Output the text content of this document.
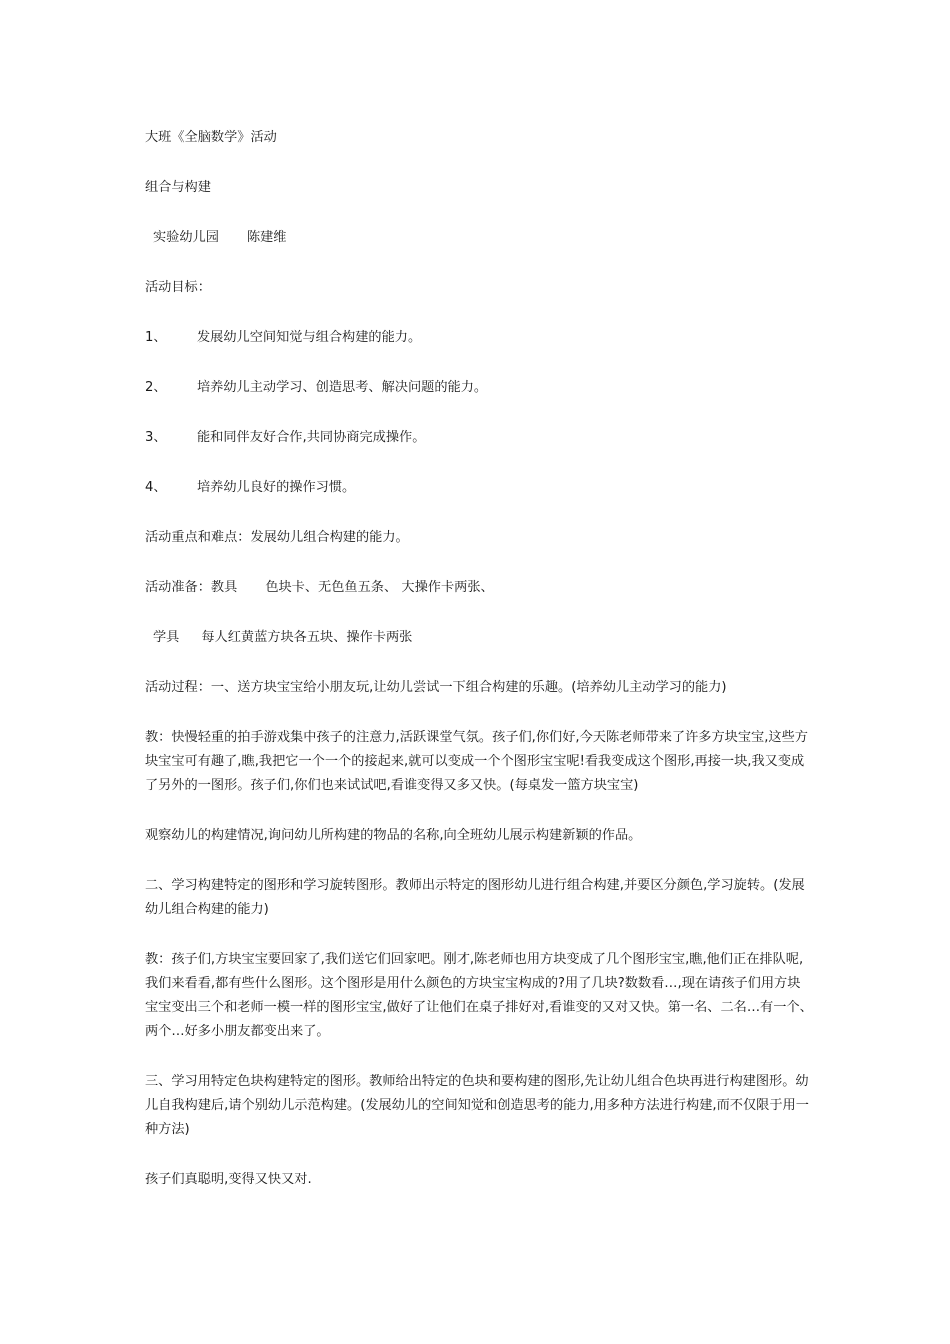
大班《全脑数学》活动

组合与构建

实验幼儿园 陈建维

活动目标：

1、	发展幼儿空间知觉与组合构建的能力。

2、	培养幼儿主动学习、创造思考、解决问题的能力。

3、	能和同伴友好合作,共同协商完成操作。

4、	培养幼儿良好的操作习惯。

活动重点和难点：发展幼儿组合构建的能力。

活动准备：教具 色块卡、无色鱼五条、 大操作卡两张、

学具 每人红黄蓝方块各五块、操作卡两张

活动过程：一、送方块宝宝给小朋友玩,让幼儿尝试一下组合构建的乐趣。(培养幼儿主动学习的能力)

教：快慢轻重的拍手游戏集中孩子的注意力,活跃课堂气氛。孩子们,你们好,今天陈老师带来了许多方块宝宝,这些方块宝宝可有趣了,瞧,我把它一个一个的接起来,就可以变成一个个图形宝宝呢!看我变成这个图形,再接一块,我又变成了另外的一图形。孩子们,你们也来试试吧,看谁变得又多又快。(每桌发一篮方块宝宝)

观察幼儿的构建情况,询问幼儿所构建的物品的名称,向全班幼儿展示构建新颖的作品。

二、学习构建特定的图形和学习旋转图形。教师出示特定的图形幼儿进行组合构建,并要区分颜色,学习旋转。(发展幼儿组合构建的能力)

教：孩子们,方块宝宝要回家了,我们送它们回家吧。刚才,陈老师也用方块变成了几个图形宝宝,瞧,他们正在排队呢,我们来看看,都有些什么图形。这个图形是用什么颜色的方块宝宝构成的?用了几块?数数看…,现在请孩子们用方块宝宝变出三个和老师一模一样的图形宝宝,做好了让他们在桌子排好对,看谁变的又对又快。第一名、二名…有一个、两个…好多小朋友都变出来了。

三、学习用特定色块构建特定的图形。教师给出特定的色块和要构建的图形,先让幼儿组合色块再进行构建图形。幼儿自我构建后,请个别幼儿示范构建。(发展幼儿的空间知觉和创造思考的能力,用多种方法进行构建,而不仅限于用一种方法)

孩子们真聪明,变得又快又对.
